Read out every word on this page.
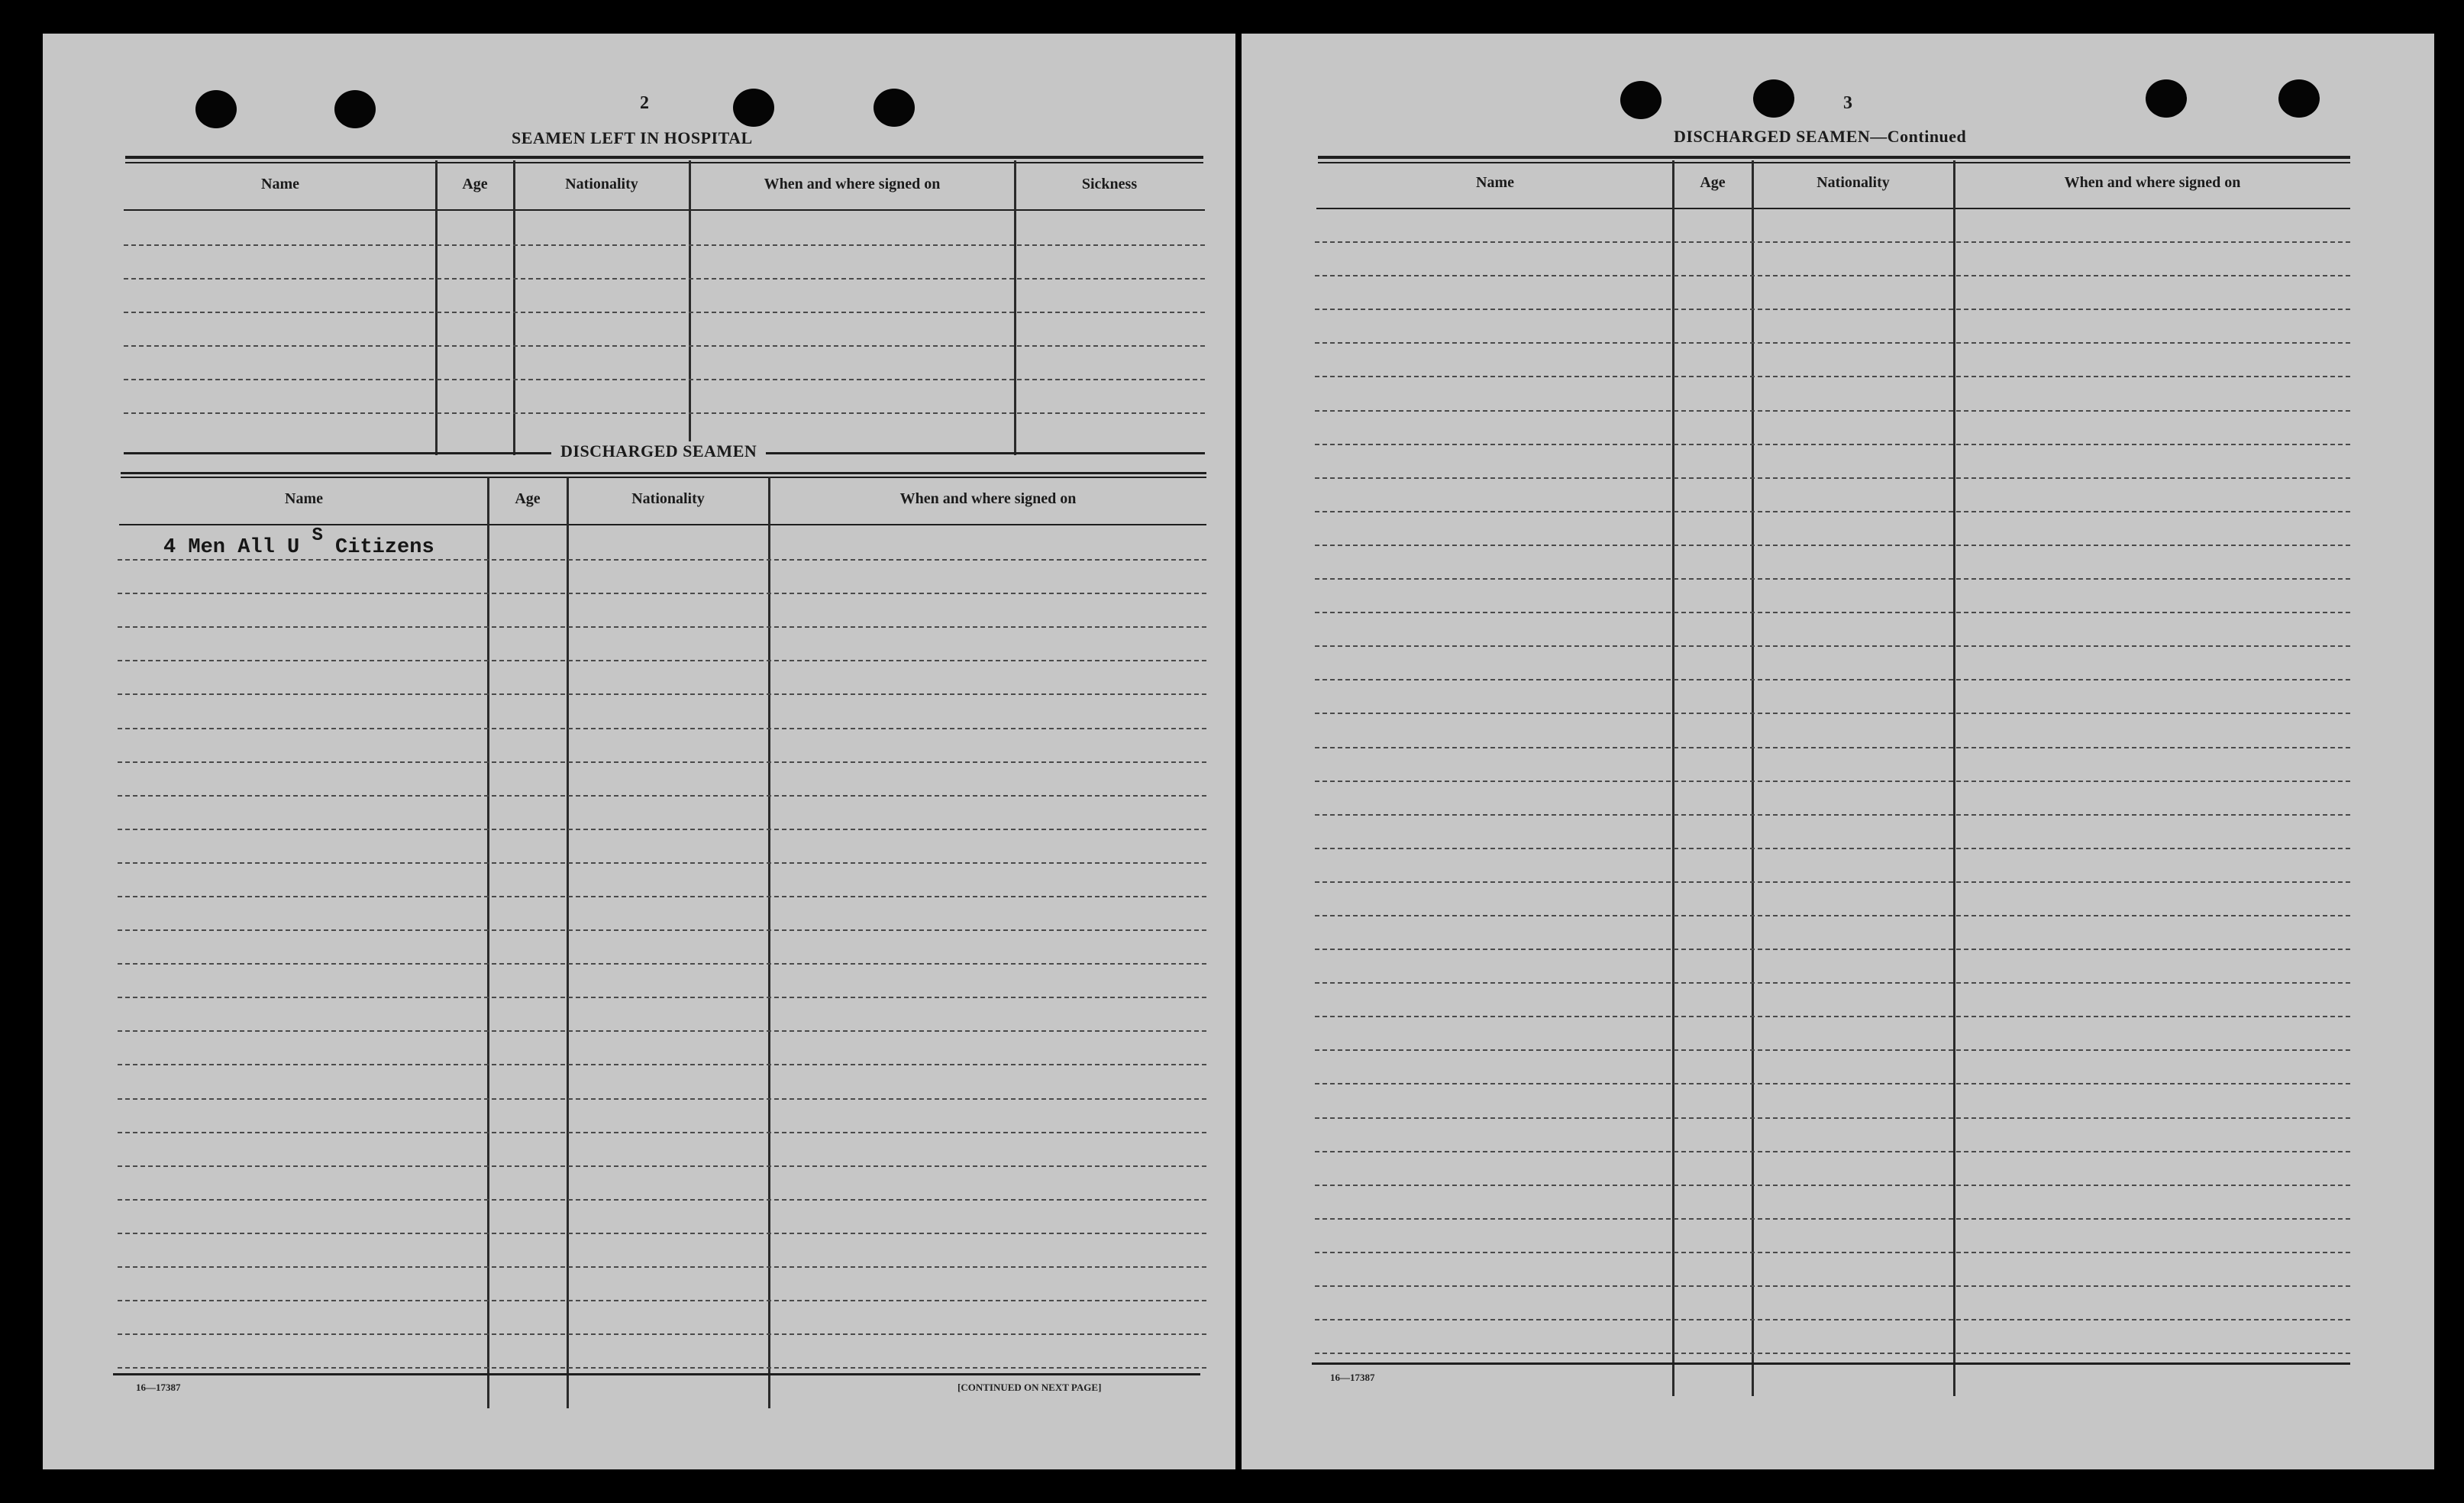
2
SEAMEN LEFT IN HOSPITAL
Name	Age	Nationality	When and where signed on	Sickness
DISCHARGED SEAMEN
Name	Age	Nationality	When and where signed on
4 Men All U $^S$ Citizens
16—17387	[CONTINUED ON NEXT PAGE]
3
DISCHARGED SEAMEN—Continued
Name	Age	Nationality	When and where signed on
16—17387
